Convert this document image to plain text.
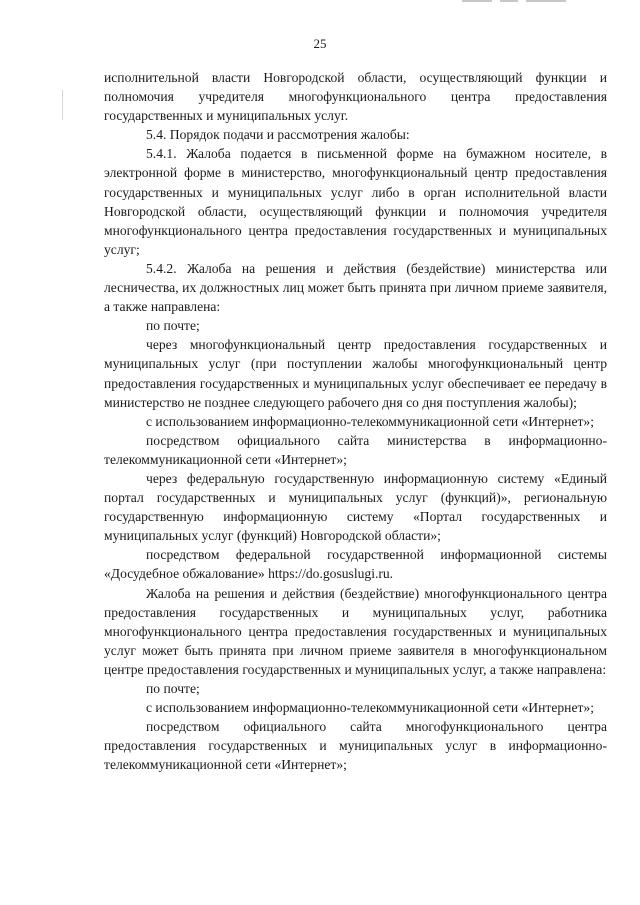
25

исполнительной власти Новгородской области, осуществляющий функции и полномочия учредителя многофункционального центра предоставления государственных и муниципальных услуг.

5.4. Порядок подачи и рассмотрения жалобы:

5.4.1. Жалоба подается в письменной форме на бумажном носителе, в электронной форме в министерство, многофункциональный центр предоставления государственных и муниципальных услуг либо в орган исполнительной власти Новгородской области, осуществляющий функции и полномочия учредителя многофункционального центра предоставления государственных и муниципальных услуг;

5.4.2. Жалоба на решения и действия (бездействие) министерства или лесничества, их должностных лиц может быть принята при личном приеме заявителя, а также направлена:

по почте;

через многофункциональный центр предоставления государственных и муниципальных услуг (при поступлении жалобы многофункциональный центр предоставления государственных и муниципальных услуг обеспечивает ее передачу в министерство не позднее следующего рабочего дня со дня поступления жалобы);

с использованием информационно-телекоммуникационной сети «Интернет»;

посредством официального сайта министерства в информационно-телекоммуникационной сети «Интернет»;

через федеральную государственную информационную систему «Единый портал государственных и муниципальных услуг (функций)», региональную государственную информационную систему «Портал государственных и муниципальных услуг (функций) Новгородской области»;

посредством федеральной государственной информационной системы «Досудебное обжалование» https://do.gosuslugi.ru.

Жалоба на решения и действия (бездействие) многофункционального центра предоставления государственных и муниципальных услуг, работника многофункционального центра предоставления государственных и муниципальных услуг может быть принята при личном приеме заявителя в многофункциональном центре предоставления государственных и муниципальных услуг, а также направлена:

по почте;

с использованием информационно-телекоммуникационной сети «Интернет»;

посредством официального сайта многофункционального центра предоставления государственных и муниципальных услуг в информационно-телекоммуникационной сети «Интернет»;
